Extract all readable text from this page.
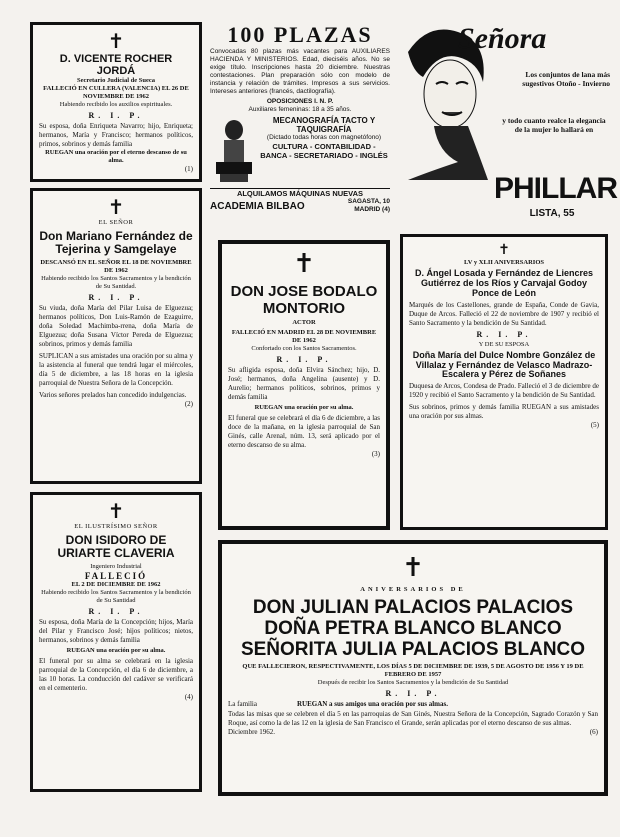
✝
D. VICENTE ROCHER JORDÁ
Secretario Judicial de Sueca
FALLECIÓ EN CULLERA (VALENCIA) EL 26 DE NOVIEMBRE DE 1962
Habiendo recibido los auxilios espirituales.
R. I. P.
Su esposa, doña Enriqueta Navarro; hijo, Enriqueta; hermanos, María y Francisco; hermanos políticos, primos, sobrinos y demás familia
RUEGAN una oración por el eterno descanso de su alma.
(1)
✝
EL SEÑOR
Don Mariano Fernández de Tejerina y Samgelaye
DESCANSÓ EN EL SEÑOR EL 18 DE NOVIEMBRE DE 1962
Habiendo recibido los Santos Sacramentos y la bendición de Su Santidad.
R. I. P.
Su viuda, doña María del Pilar Luisa de Elguezua; hermanos políticos, Don Luis-Ramón de Ezaguirre, doña Soledad Machimba-rrena, doña María de Elguezua; doña Susana Víctor Pereda de Elguezua; sobrinos, primos y demás familia
SUPLICAN a sus amistades una oración por su alma y la asistencia al funeral que tendrá lugar el miércoles, día 5 de diciembre, a las 18 horas en la iglesia parroquial de Nuestra Señora de la Concepción.
Varios señores prelados han concedido indulgencias.
(2)
✝
EL ILUSTRÍSIMO SEÑOR
DON ISIDORO DE URIARTE CLAVERIA
Ingeniero Industrial
FALLECIÓ
EL 2 DE DICIEMBRE DE 1962
Habiendo recibido los Santos Sacramentos y la bendición de Su Santidad
R. I. P.
Su esposa, doña María de la Concepción; hijos, María del Pilar y Francisco José; hijos políticos; nietos, hermanos, sobrinos y demás familia
RUEGAN una oración por su alma.
El funeral por su alma se celebrará en la iglesia parroquial de la Concepción, el día 6 de diciembre, a las 10 horas. La conducción del cadáver se verificará en el cementerio.
(4)
100 PLAZAS
Convocadas 80 plazas más vacantes para AUXILIARES HACIENDA Y MINISTERIOS. Edad, dieciséis años. No se exige título. Inscripciones hasta 20 diciembre. Nuestras contestaciones. Plan preparación sólo con modelo de instancia y relación de trámites. Impresos a sus servicios. Intereses anteriores (francés, dactilografía).
OPOSICIONES I. N. P.
Auxiliares femeninas: 18 a 35 años.
MECANOGRAFÍA TACTO Y TAQUIGRAFÍA
(Dictado todas horas con magnetófono)
CULTURA - CONTABILIDAD - BANCA - SECRETARIADO - INGLÉS
ALQUILAMOS MÁQUINAS NUEVAS
ACADEMIA BILBAO	SAGASTA, 10 MADRID (4)
Señora
Los conjuntos de lana más sugestivos Otoño - Invierno
y todo cuanto realce la elegancia de la mujer lo hallará en
PHILLAR
LISTA, 55
✝
DON JOSE BODALO MONTORIO
ACTOR
FALLECIÓ EN MADRID EL 28 DE NOVIEMBRE DE 1962
Confortado con los Santos Sacramentos.
R. I. P.
Su afligida esposa, doña Elvira Sánchez; hijo, D. José; hermanos, doña Angelina (ausente) y D. Aurelio; hermanos políticos, sobrinos, primos y demás familia
RUEGAN una oración por su alma.
El funeral que se celebrará el día 6 de diciembre, a las doce de la mañana, en la iglesia parroquial de San Ginés, calle Arenal, núm. 13, será aplicado por el eterno descanso de su alma.
(3)
✝
LV y XLII ANIVERSARIOS
D. Ángel Losada y Fernández de Liencres Gutiérrez de los Ríos y Carvajal Godoy Ponce de León
Marqués de los Castellones, grande de España, Conde de Gavia, Duque de Arcos. Falleció el 22 de noviembre de 1907 y recibió el Santo Sacramento y la bendición de Su Santidad.
R. I. P.
Y DE SU ESPOSA
Doña María del Dulce Nombre González de Villalaz y Fernández de Velasco Madrazo-Escalera y Pérez de Soñanes
Duquesa de Arcos, Condesa de Prado. Falleció el 3 de diciembre de 1920 y recibió el Santo Sacramento y la bendición de Su Santidad.
Sus sobrinos, primos y demás familia RUEGAN a sus amistades una oración por sus almas.
(5)
✝
ANIVERSARIOS DE
DON JULIAN PALACIOS PALACIOS
DOÑA PETRA BLANCO BLANCO
SEÑORITA JULIA PALACIOS BLANCO
QUE FALLECIERON, RESPECTIVAMENTE, LOS DÍAS 5 DE DICIEMBRE DE 1939, 5 DE AGOSTO DE 1956 Y 19 DE FEBRERO DE 1957
Después de recibir los Santos Sacramentos y la bendición de Su Santidad
R. I. P.
La familia	RUEGAN a sus amigos una oración por sus almas.
Todas las misas que se celebren el día 5 en las parroquias de San Ginés, Nuestra Señora de la Concepción, Sagrado Corazón y San Roque, así como la de las 12 en la iglesia de San Francisco el Grande, serán aplicadas por el eterno descanso de sus almas.
Diciembre 1962.	(6)
